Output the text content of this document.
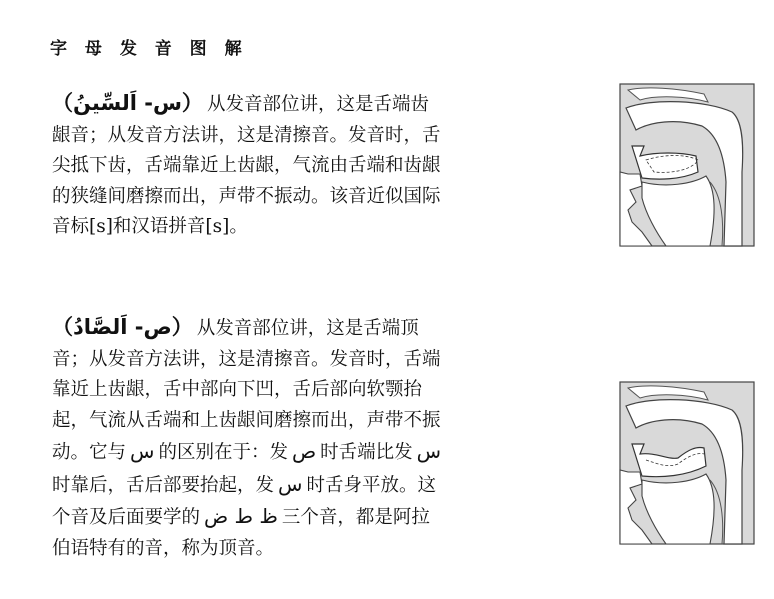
字 母 发 音 图 解

（س- اَلسِّينُ） 从发音部位讲，这是舌端齿龈音；从发音方法讲，这是清擦音。发音时，舌尖抵下齿，舌端靠近上齿龈，气流由舌端和齿龈的狭缝间磨擦而出，声带不振动。该音近似国际音标[s]和汉语拼音[s]。

（ص- اَلصَّادُ） 从发音部位讲，这是舌端顶音；从发音方法讲，这是清擦音。发音时，舌端靠近上齿龈，舌中部向下凹，舌后部向软颚抬起，气流从舌端和上齿龈间磨擦而出，声带不振动。它与 س 的区别在于：发 ص 时舌端比发 س时靠后，舌后部要抬起，发 س 时舌身平放。这个音及后面要学的 ظ ط ض 三个音，都是阿拉伯语特有的音，称为顶音。
